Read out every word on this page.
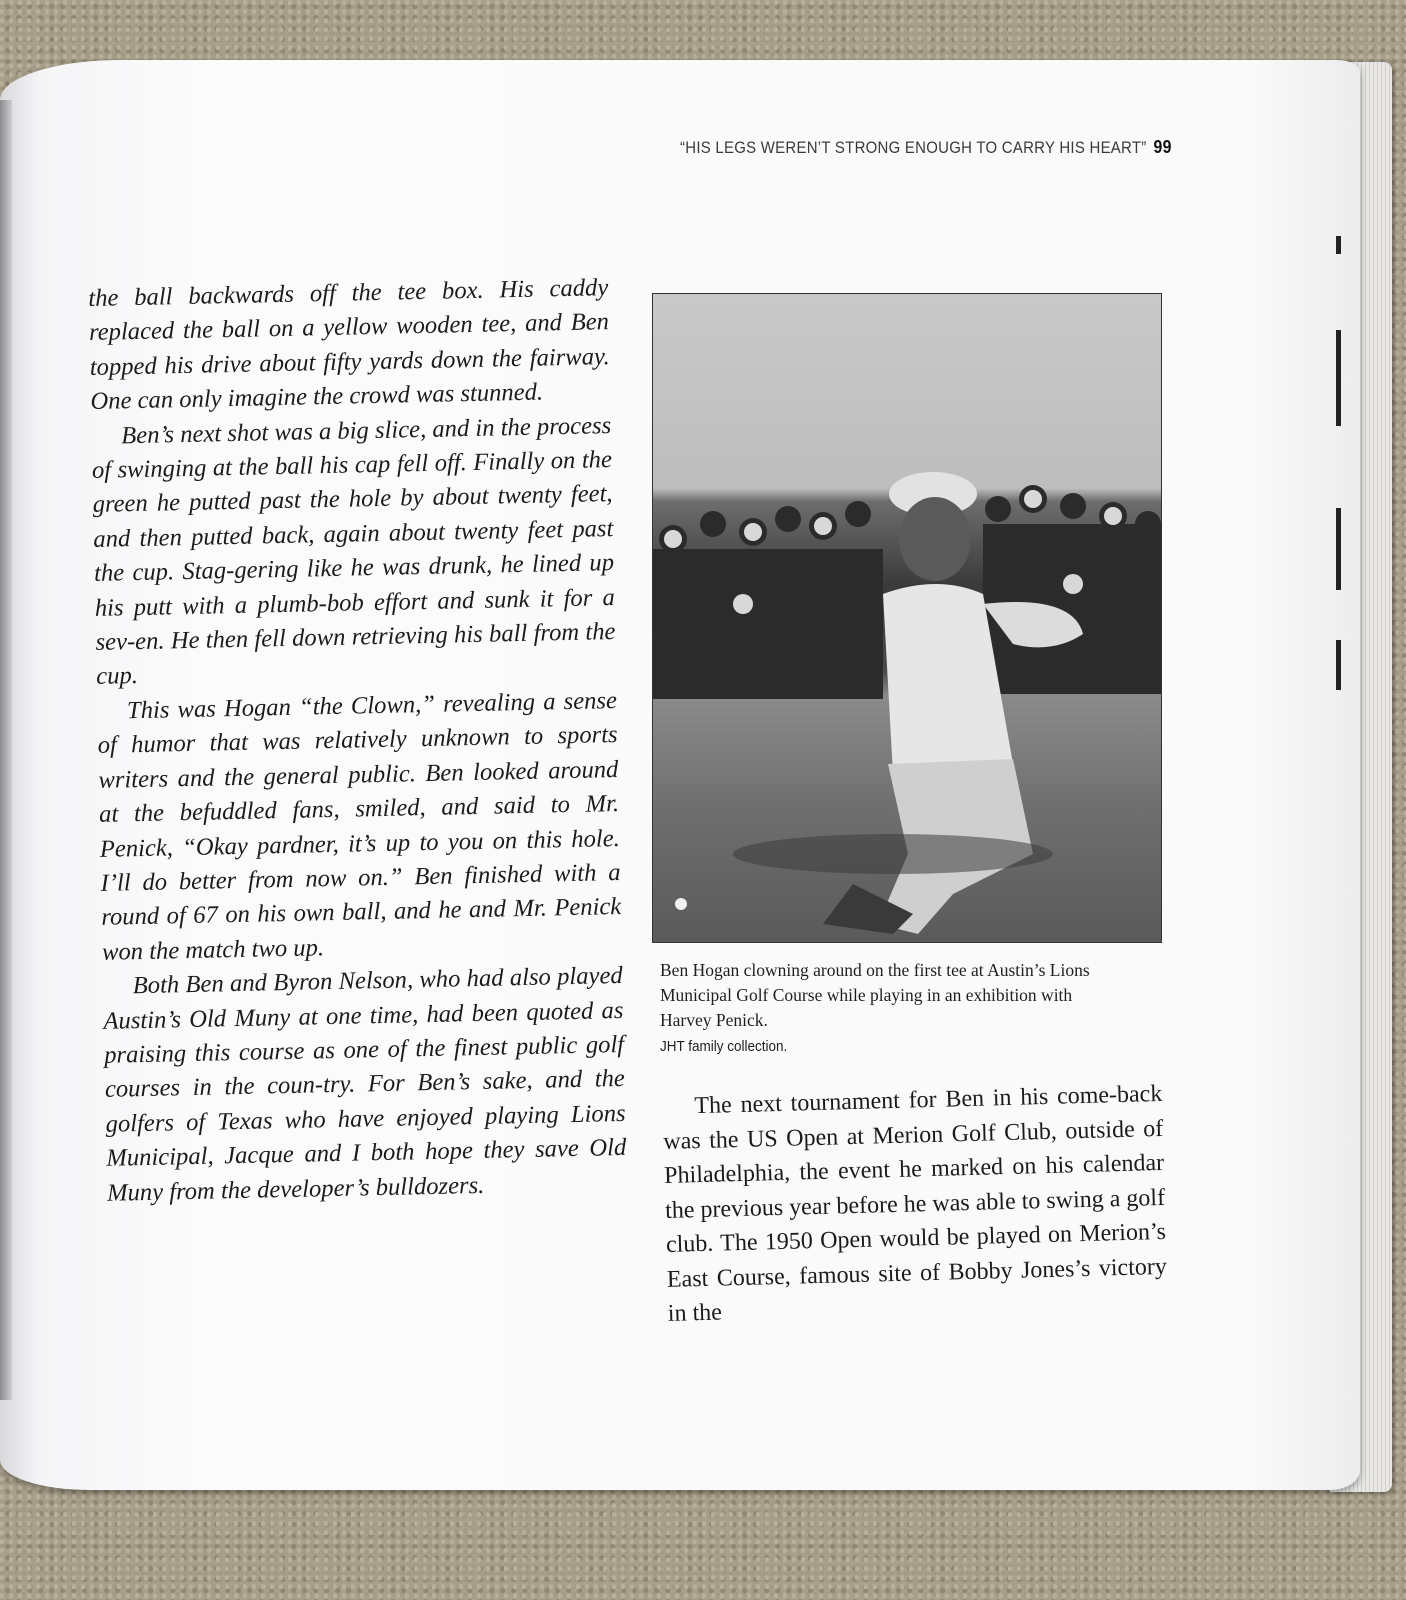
“HIS LEGS WEREN’T STRONG ENOUGH TO CARRY HIS HEART” 99

the ball backwards off the tee box. His caddy replaced the ball on a yellow wooden tee, and Ben topped his drive about fifty yards down the fairway. One can only imagine the crowd was stunned.

Ben’s next shot was a big slice, and in the process of swinging at the ball his cap fell off. Finally on the green he putted past the hole by about twenty feet, and then putted back, again about twenty feet past the cup. Stag-gering like he was drunk, he lined up his putt with a plumb-bob effort and sunk it for a sev-en. He then fell down retrieving his ball from the cup.

This was Hogan “the Clown,” revealing a sense of humor that was relatively unknown to sports writers and the general public. Ben looked around at the befuddled fans, smiled, and said to Mr. Penick, “Okay pardner, it’s up to you on this hole. I’ll do better from now on.” Ben finished with a round of 67 on his own ball, and he and Mr. Penick won the match two up.

Both Ben and Byron Nelson, who had also played Austin’s Old Muny at one time, had been quoted as praising this course as one of the finest public golf courses in the coun-try. For Ben’s sake, and the golfers of Texas who have enjoyed playing Lions Municipal, Jacque and I both hope they save Old Muny from the developer’s bulldozers.

Ben Hogan clowning around on the first tee at Austin’s Lions Municipal Golf Course while playing in an exhibition with Harvey Penick.
JHT family collection.

The next tournament for Ben in his come-back was the US Open at Merion Golf Club, outside of Philadelphia, the event he marked on his calendar the previous year before he was able to swing a golf club. The 1950 Open would be played on Merion’s East Course, famous site of Bobby Jones’s victory in the
